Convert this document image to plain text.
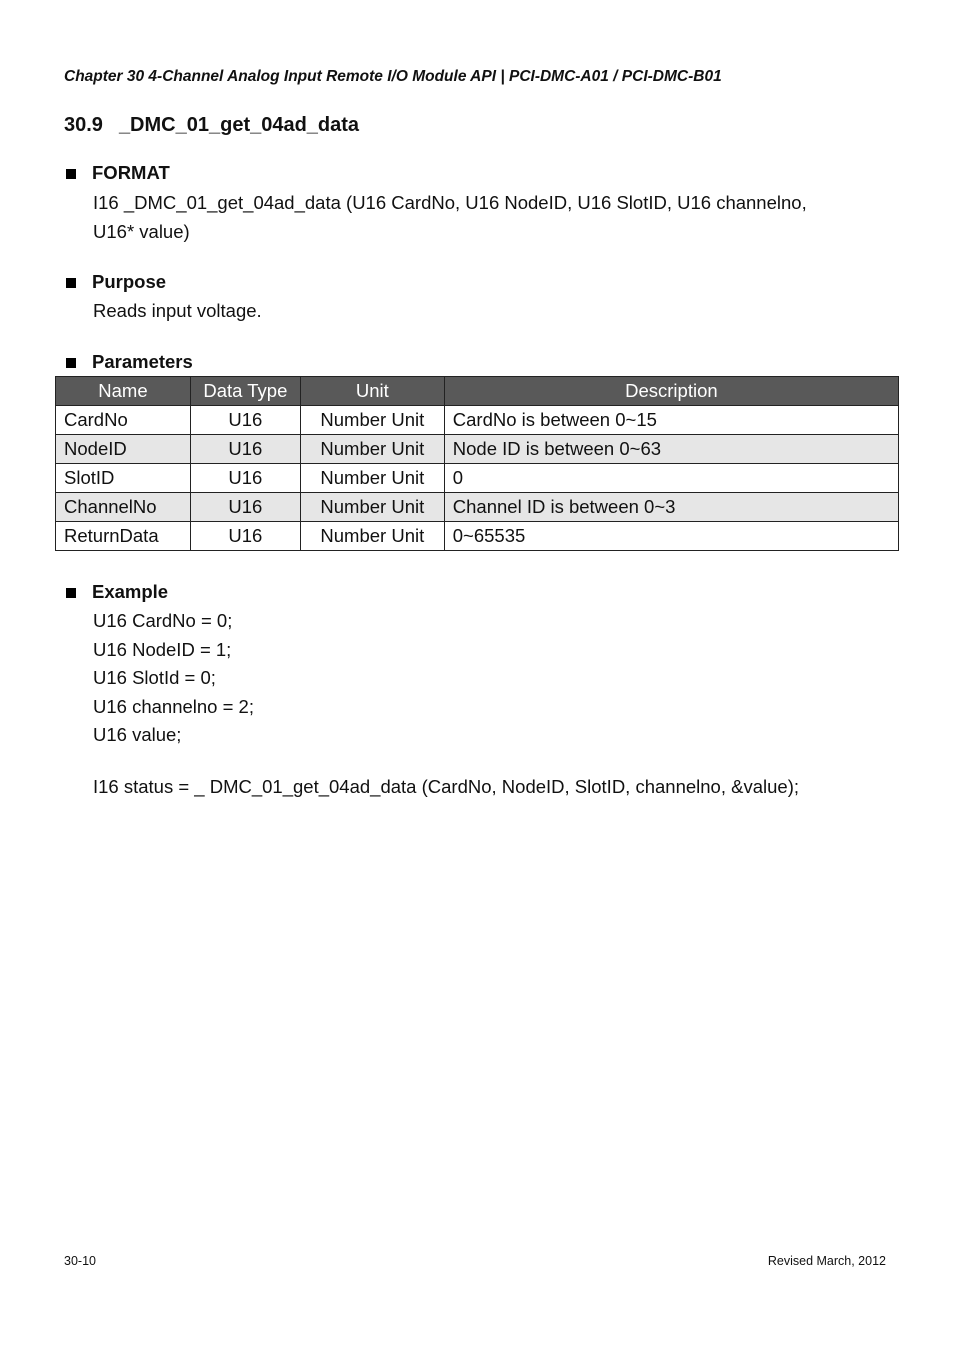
Chapter 30 4-Channel Analog Input Remote I/O Module API | PCI-DMC-A01 / PCI-DMC-B01
30.9 _DMC_01_get_04ad_data
FORMAT
I16 _DMC_01_get_04ad_data (U16 CardNo, U16 NodeID, U16 SlotID, U16 channelno,
U16* value)
Purpose
Reads input voltage.
Parameters
Name	Data Type	Unit	Description
CardNo	U16	Number Unit	CardNo is between 0~15
NodeID	U16	Number Unit	Node ID is between 0~63
SlotID	U16	Number Unit	0
ChannelNo	U16	Number Unit	Channel ID is between 0~3
ReturnData	U16	Number Unit	0~65535
Example
U16 CardNo = 0;
U16 NodeID = 1;
U16 SlotId = 0;
U16 channelno = 2;
U16 value;
I16 status = _ DMC_01_get_04ad_data (CardNo, NodeID, SlotID, channelno, &value);
30-10	Revised March, 2012
